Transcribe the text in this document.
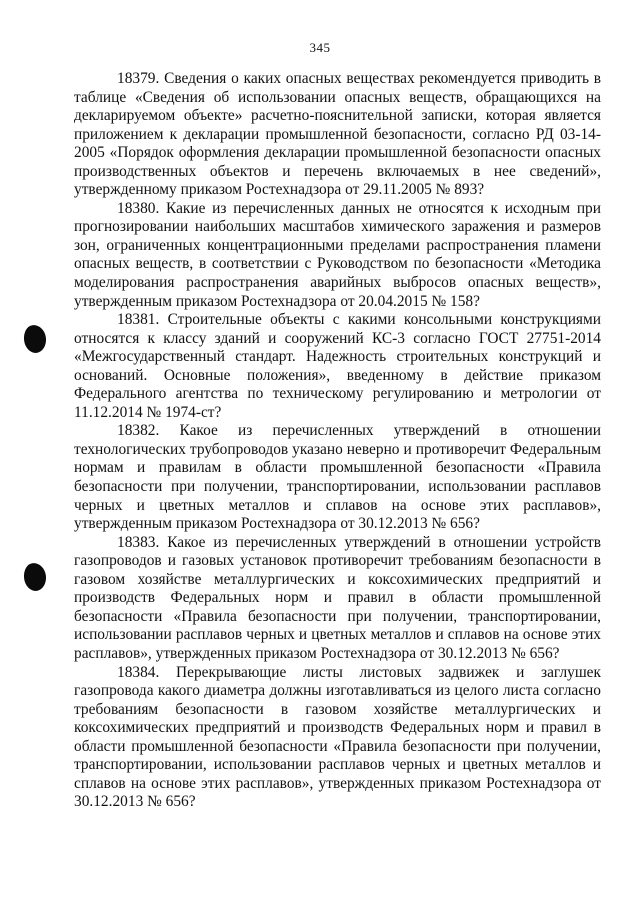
345

18379. Сведения о каких опасных веществах рекомендуется приводить в таблице «Сведения об использовании опасных веществ, обращающихся на декларируемом объекте» расчетно-пояснительной записки, которая является приложением к декларации промышленной безопасности, согласно РД 03-14-2005 «Порядок оформления декларации промышленной безопасности опасных производственных объектов и перечень включаемых в нее сведений», утвержденному приказом Ростехнадзора от 29.11.2005 № 893?

18380. Какие из перечисленных данных не относятся к исходным при прогнозировании наибольших масштабов химического заражения и размеров зон, ограниченных концентрационными пределами распространения пламени опасных веществ, в соответствии с Руководством по безопасности «Методика моделирования распространения аварийных выбросов опасных веществ», утвержденным приказом Ростехнадзора от 20.04.2015 № 158?

18381. Строительные объекты с какими консольными конструкциями относятся к классу зданий и сооружений КС-3 согласно ГОСТ 27751-2014 «Межгосударственный стандарт. Надежность строительных конструкций и оснований. Основные положения», введенному в действие приказом Федерального агентства по техническому регулированию и метрологии от 11.12.2014 № 1974-ст?

18382. Какое из перечисленных утверждений в отношении технологических трубопроводов указано неверно и противоречит Федеральным нормам и правилам в области промышленной безопасности «Правила безопасности при получении, транспортировании, использовании расплавов черных и цветных металлов и сплавов на основе этих расплавов», утвержденным приказом Ростехнадзора от 30.12.2013 № 656?

18383. Какое из перечисленных утверждений в отношении устройств газопроводов и газовых установок противоречит требованиям безопасности в газовом хозяйстве металлургических и коксохимических предприятий и производств Федеральных норм и правил в области промышленной безопасности «Правила безопасности при получении, транспортировании, использовании расплавов черных и цветных металлов и сплавов на основе этих расплавов», утвержденных приказом Ростехнадзора от 30.12.2013 № 656?

18384. Перекрывающие листы листовых задвижек и заглушек газопровода какого диаметра должны изготавливаться из целого листа согласно требованиям безопасности в газовом хозяйстве металлургических и коксохимических предприятий и производств Федеральных норм и правил в области промышленной безопасности «Правила безопасности при получении, транспортировании, использовании расплавов черных и цветных металлов и сплавов на основе этих расплавов», утвержденных приказом Ростехнадзора от 30.12.2013 № 656?
